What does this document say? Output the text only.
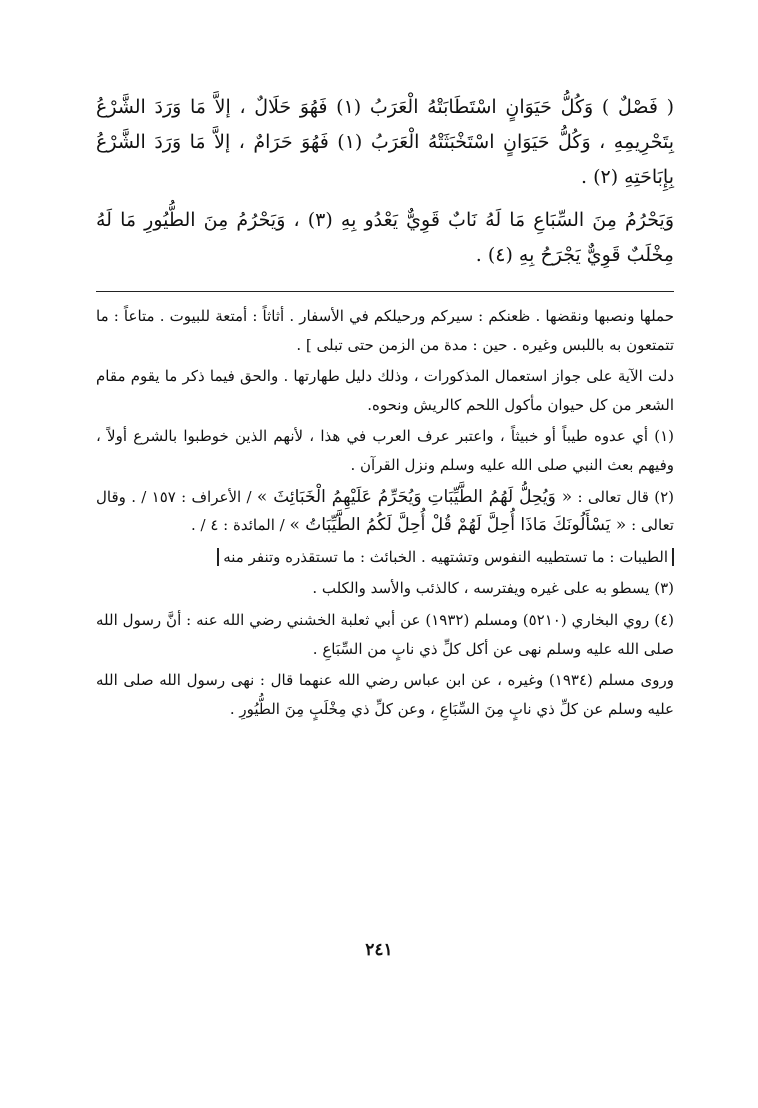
( فَصْلٌ ) وَكُلُّ حَيَوَانٍ اسْتَطَابَتْهُ الْعَرَبُ (١) فَهُوَ حَلَالٌ ، إلاَّ مَا وَرَدَ الشَّرْعُ بِتَحْرِيمِهِ ، وَكُلُّ حَيَوَانٍ اسْتَخْبَثَتْهُ الْعَرَبُ (١) فَهُوَ حَرَامٌ ، إلاَّ مَا وَرَدَ الشَّرْعُ بِإِبَاحَتِهِ (٢) .

وَيَحْرُمُ مِنَ السِّبَاعِ مَا لَهُ نَابٌ قَوِيٌّ يَعْدُو بِهِ (٣) ، وَيَحْرُمُ مِنَ الطُّيُورِ مَا لَهُ مِخْلَبٌ قَوِيٌّ يَجْرَحُ بِهِ (٤) .

حملها ونصبها ونقضها . ظعنكم : سيركم ورحيلكم في الأسفار . أثاثاً : أمتعة للبيوت . متاعاً : ما تتمتعون به باللبس وغيره . حين : مدة من الزمن حتى تبلى ] .

دلت الآية على جواز استعمال المذكورات ، وذلك دليل طهارتها . والحق فيما ذكر ما يقوم مقام الشعر من كل حيوان مأكول اللحم كالريش ونحوه.

(١) أي عدوه طيباً أو خبيثاً ، واعتبر عرف العرب في هذا ، لأنهم الذين خوطبوا بالشرع أولاً ، وفيهم بعث النبي صلى الله عليه وسلم ونزل القرآن .

(٢) قال تعالى : « وَيُحِلُّ لَهُمُ الطَّيِّبَاتِ وَيُحَرِّمُ عَلَيْهِمُ الْخَبَائِثَ » / الأعراف : ١٥٧ / . وقال تعالى : « يَسْأَلُونَكَ مَاذَا أُحِلَّ لَهُمْ قُلْ أُحِلَّ لَكُمُ الطَّيِّبَاتُ » / المائدة : ٤ / .

الطيبات : ما تستطيبه النفوس وتشتهيه . الخبائث : ما تستقذره وتنفر منه

(٣) يسطو به على غيره ويفترسه ، كالذئب والأسد والكلب .

(٤) روي البخاري (٥٢١٠) ومسلم (١٩٣٢) عن أبي ثعلبة الخشني رضي الله عنه : أنَّ رسول الله صلى الله عليه وسلم نهى عن أكل كلِّ ذي نابٍ من السِّبَاعِ .

وروى مسلم (١٩٣٤) وغيره ، عن ابن عباس رضي الله عنهما قال : نهى رسول الله صلى الله عليه وسلم عن كلِّ ذي نابٍ مِنَ السِّبَاعِ ، وعن كلِّ ذي مِخْلَبٍ مِنَ الطُّيُورِ .

٢٤١
